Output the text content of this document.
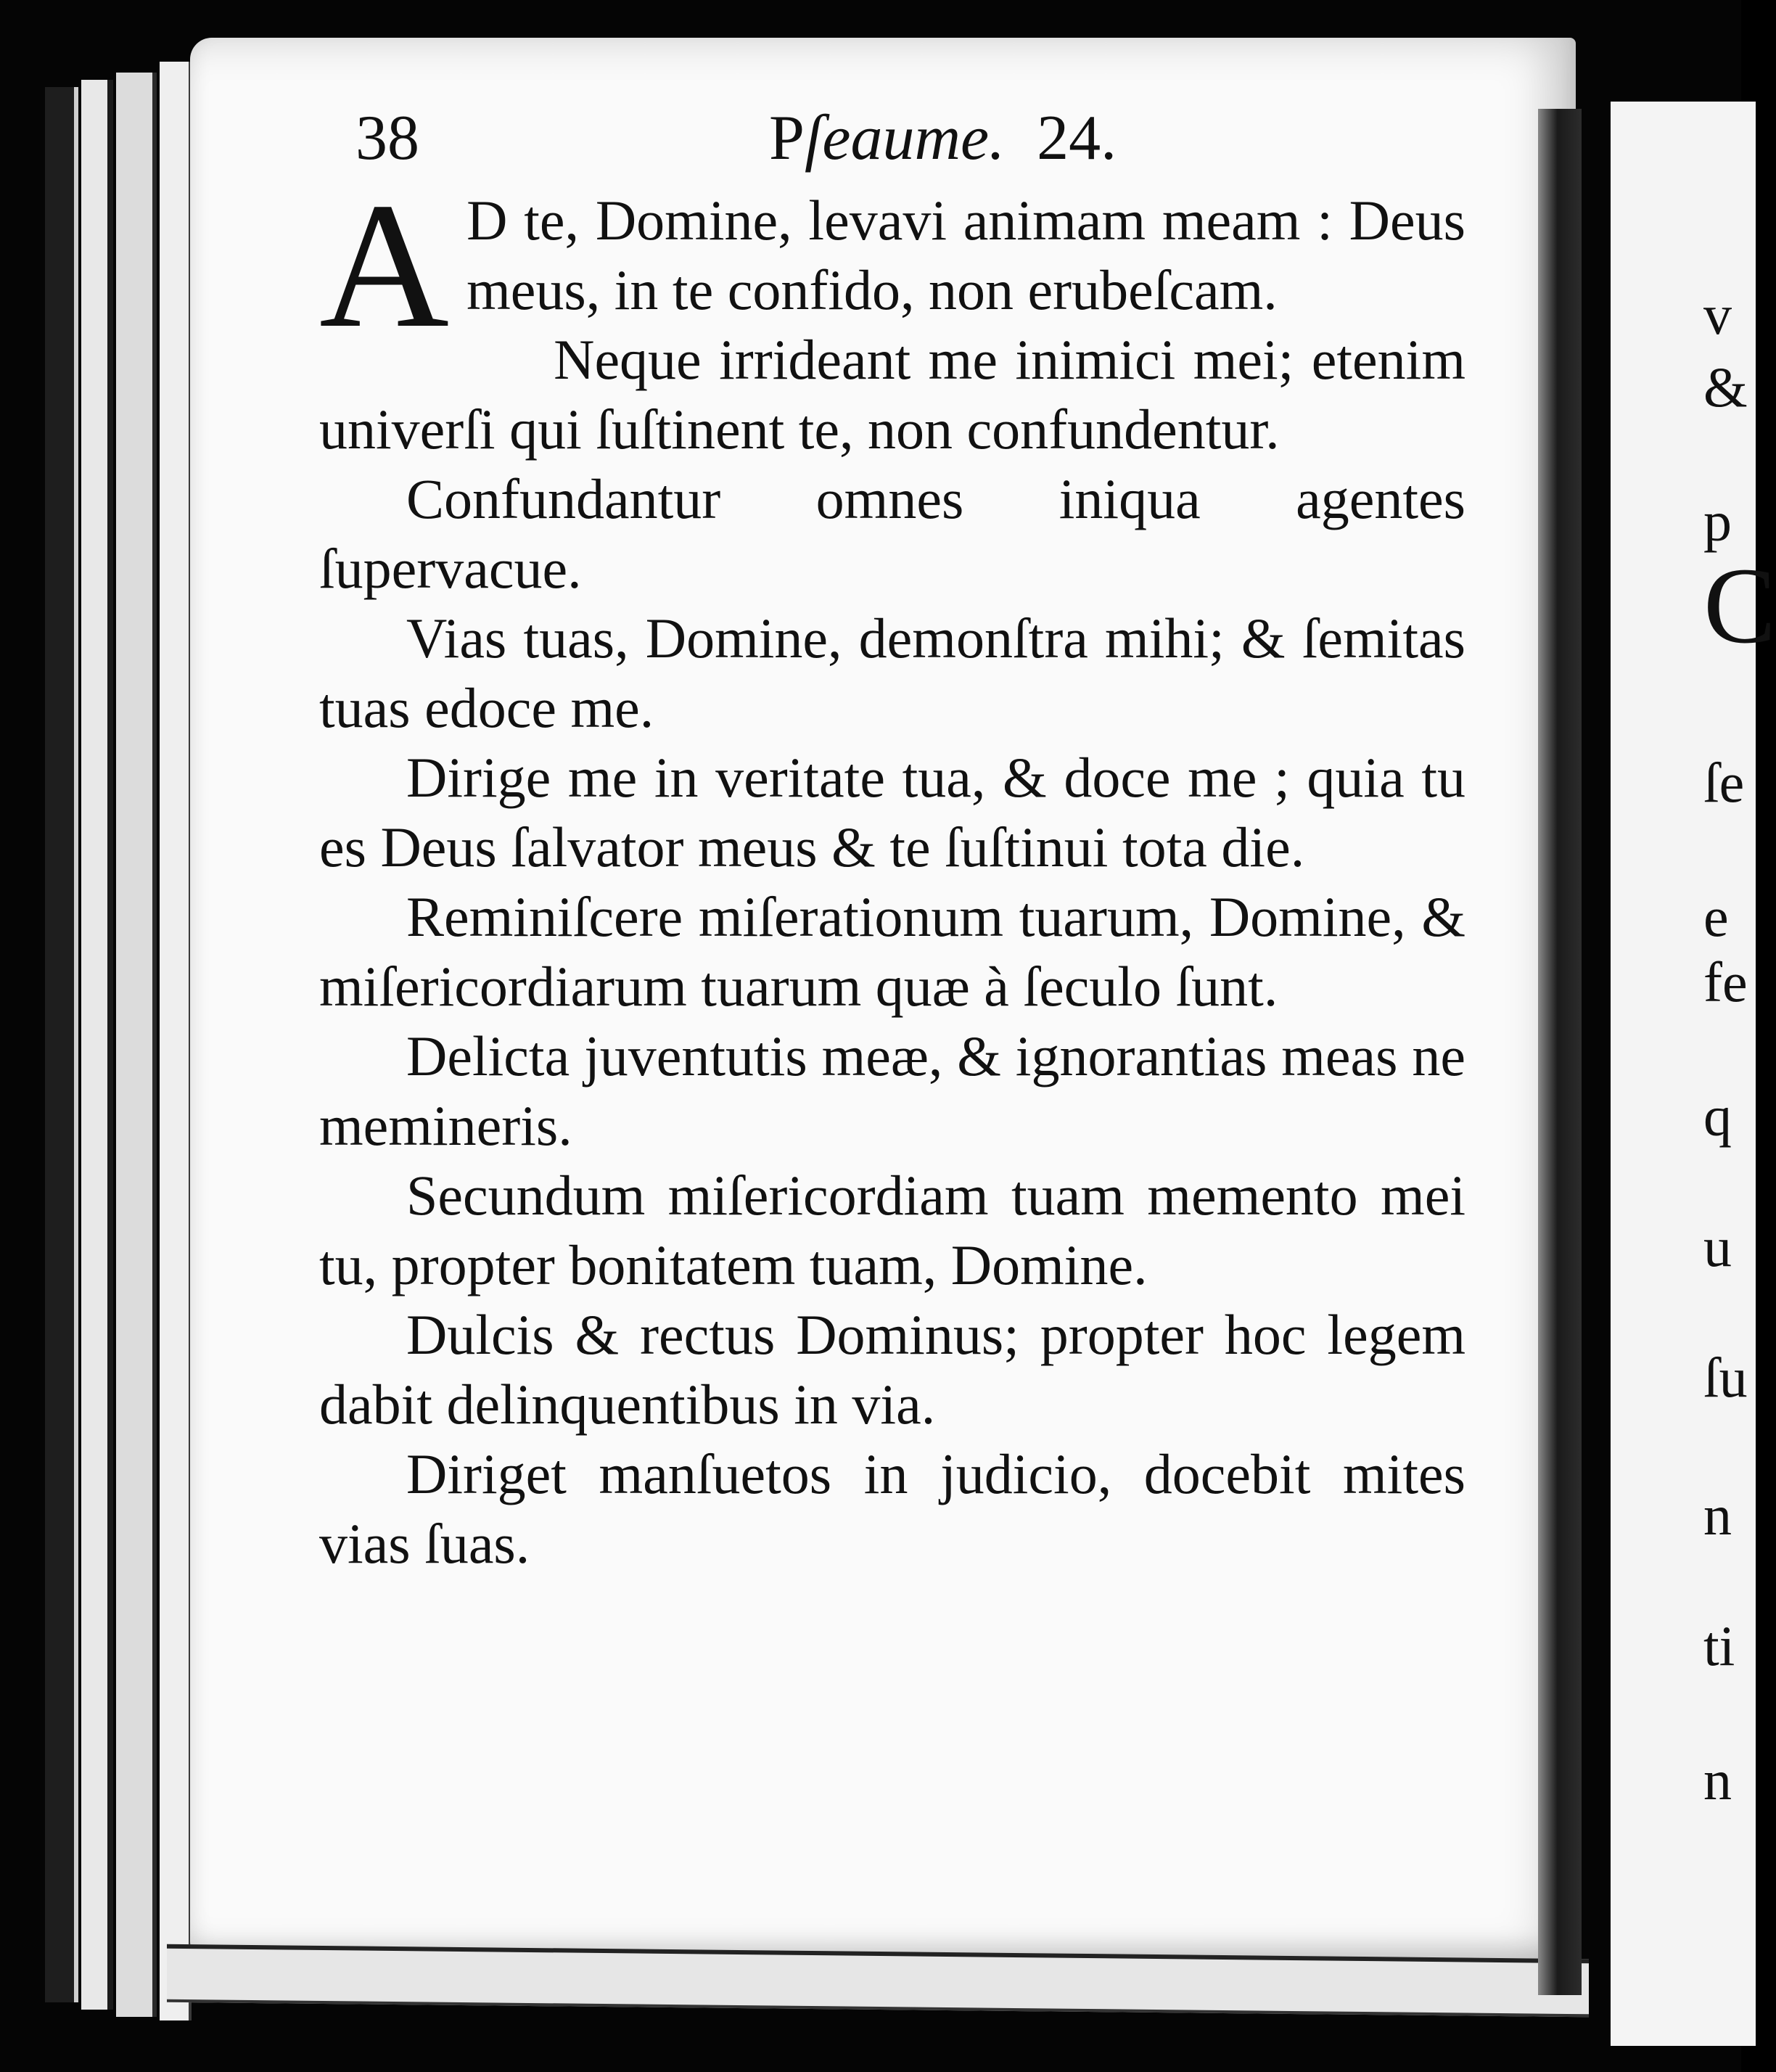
v
&
p
C
ſe
e
fe
q
u
ſu
n
ti
n
38	Pſeaume. 24.

A D te, Domine, levavi animam meam : Deus meus, in te confido, non erubeſcam.

Neque irrideant me inimici mei; etenim univerſi qui ſuſtinent te, non confundentur.

Confundantur omnes iniqua agentes ſupervacue.

Vias tuas, Domine, demonſtra mihi; & ſemitas tuas edoce me.

Dirige me in veritate tua, & doce me ; quia tu es Deus ſalvator meus & te ſuſtinui tota die.

Reminiſcere miſerationum tuarum, Domine, & miſericordiarum tuarum quæ à ſeculo ſunt.

Delicta juventutis meæ, & ignorantias meas ne memineris.

Secundum miſericordiam tuam memento mei tu, propter bonitatem tuam, Domine.

Dulcis & rectus Dominus; propter hoc legem dabit delinquentibus in via.

Diriget manſuetos in judicio, docebit mites vias ſuas.
